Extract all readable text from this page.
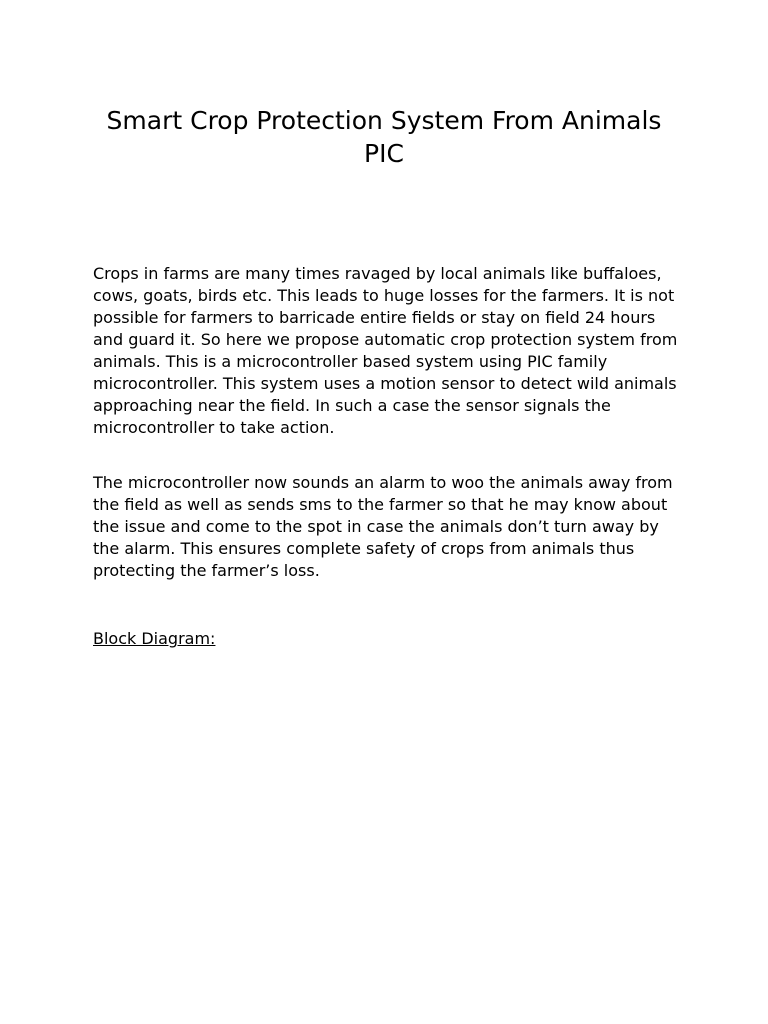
Smart Crop Protection System From Animals PIC

Crops in farms are many times ravaged by local animals like buffaloes, cows, goats, birds etc. This leads to huge losses for the farmers. It is not possible for farmers to barricade entire fields or stay on field 24 hours and guard it. So here we propose automatic crop protection system from animals. This is a microcontroller based system using PIC family microcontroller. This system uses a motion sensor to detect wild animals approaching near the field. In such a case the sensor signals the microcontroller to take action.

The microcontroller now sounds an alarm to woo the animals away from the field as well as sends sms to the farmer so that he may know about the issue and come to the spot in case the animals don’t turn away by the alarm. This ensures complete safety of crops from animals thus protecting the farmer’s loss.

Block Diagram:
